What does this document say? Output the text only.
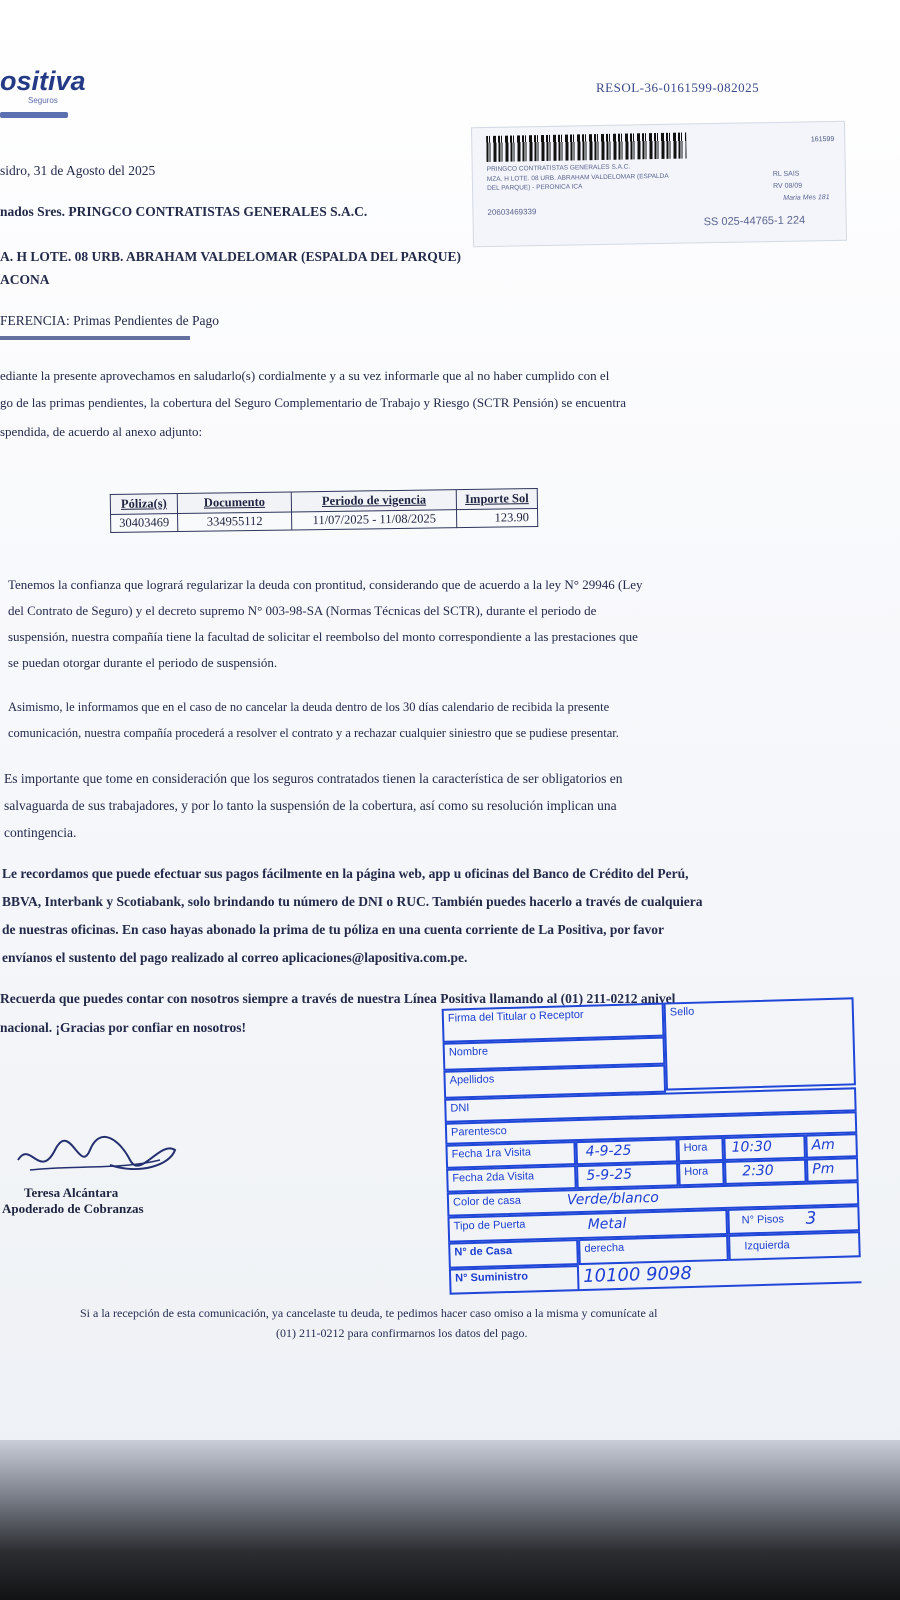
ositiva
Seguros
RESOL-36-0161599-082025
161599
PRINGCO CONTRATISTAS GENERALES S.A.C.
MZA. H LOTE. 08 URB. ABRAHAM VALDELOMAR (ESPALDA
DEL PARQUE) - PERONICA ICA
20603469339
RL SAIS
RV 08/09
Maria Mes 181
SS 025-44765-1 224
sidro, 31 de Agosto del 2025
nados Sres. PRINGCO CONTRATISTAS GENERALES S.A.C.
A. H LOTE. 08 URB. ABRAHAM VALDELOMAR (ESPALDA DEL PARQUE)
ACONA
FERENCIA: Primas Pendientes de Pago
ediante la presente aprovechamos en saludarlo(s) cordialmente y a su vez informarle que al no haber cumplido con el
go de las primas pendientes, la cobertura del Seguro Complementario de Trabajo y Riesgo (SCTR Pensión) se encuentra
spendida, de acuerdo al anexo adjunto:
Póliza(s)	Documento	Periodo de vigencia	Importe Sol
30403469	334955112	11/07/2025 - 11/08/2025	123.90
Tenemos la confianza que logrará regularizar la deuda con prontitud, considerando que de acuerdo a la ley N° 29946 (Ley
del Contrato de Seguro) y el decreto supremo N° 003-98-SA (Normas Técnicas del SCTR), durante el periodo de
suspensión, nuestra compañía tiene la facultad de solicitar el reembolso del monto correspondiente a las prestaciones que
se puedan otorgar durante el periodo de suspensión.
Asimismo, le informamos que en el caso de no cancelar la deuda dentro de los 30 días calendario de recibida la presente
comunicación, nuestra compañía procederá a resolver el contrato y a rechazar cualquier siniestro que se pudiese presentar.
Es importante que tome en consideración que los seguros contratados tienen la característica de ser obligatorios en
salvaguarda de sus trabajadores, y por lo tanto la suspensión de la cobertura, así como su resolución implican una
contingencia.
Le recordamos que puede efectuar sus pagos fácilmente en la página web, app u oficinas del Banco de Crédito del Perú,
BBVA, Interbank y Scotiabank, solo brindando tu número de DNI o RUC. También puedes hacerlo a través de cualquiera
de nuestras oficinas. En caso hayas abonado la prima de tu póliza en una cuenta corriente de La Positiva, por favor
envíanos el sustento del pago realizado al correo aplicaciones@lapositiva.com.pe.
Recuerda que puedes contar con nosotros siempre a través de nuestra Línea Positiva llamando al (01) 211-0212 anivel
nacional. ¡Gracias por confiar en nosotros!
Teresa Alcántara
Apoderado de Cobranzas
Firma del Titular o Receptor	Sello
Nombre
Apellidos
DNI
Parentesco
Fecha 1ra Visita	4-9-25	Hora	10:30	Am
Fecha 2da Visita	5-9-25	Hora	2:30	Pm
Color de casa	Verde/blanco
Tipo de Puerta	Metal	N° Pisos 3
N° de Casa	derecha	Izquierda
N° Suministro	10100 9098
Si a la recepción de esta comunicación, ya cancelaste tu deuda, te pedimos hacer caso omiso a la misma y comunícate al
(01) 211-0212 para confirmarnos los datos del pago.
